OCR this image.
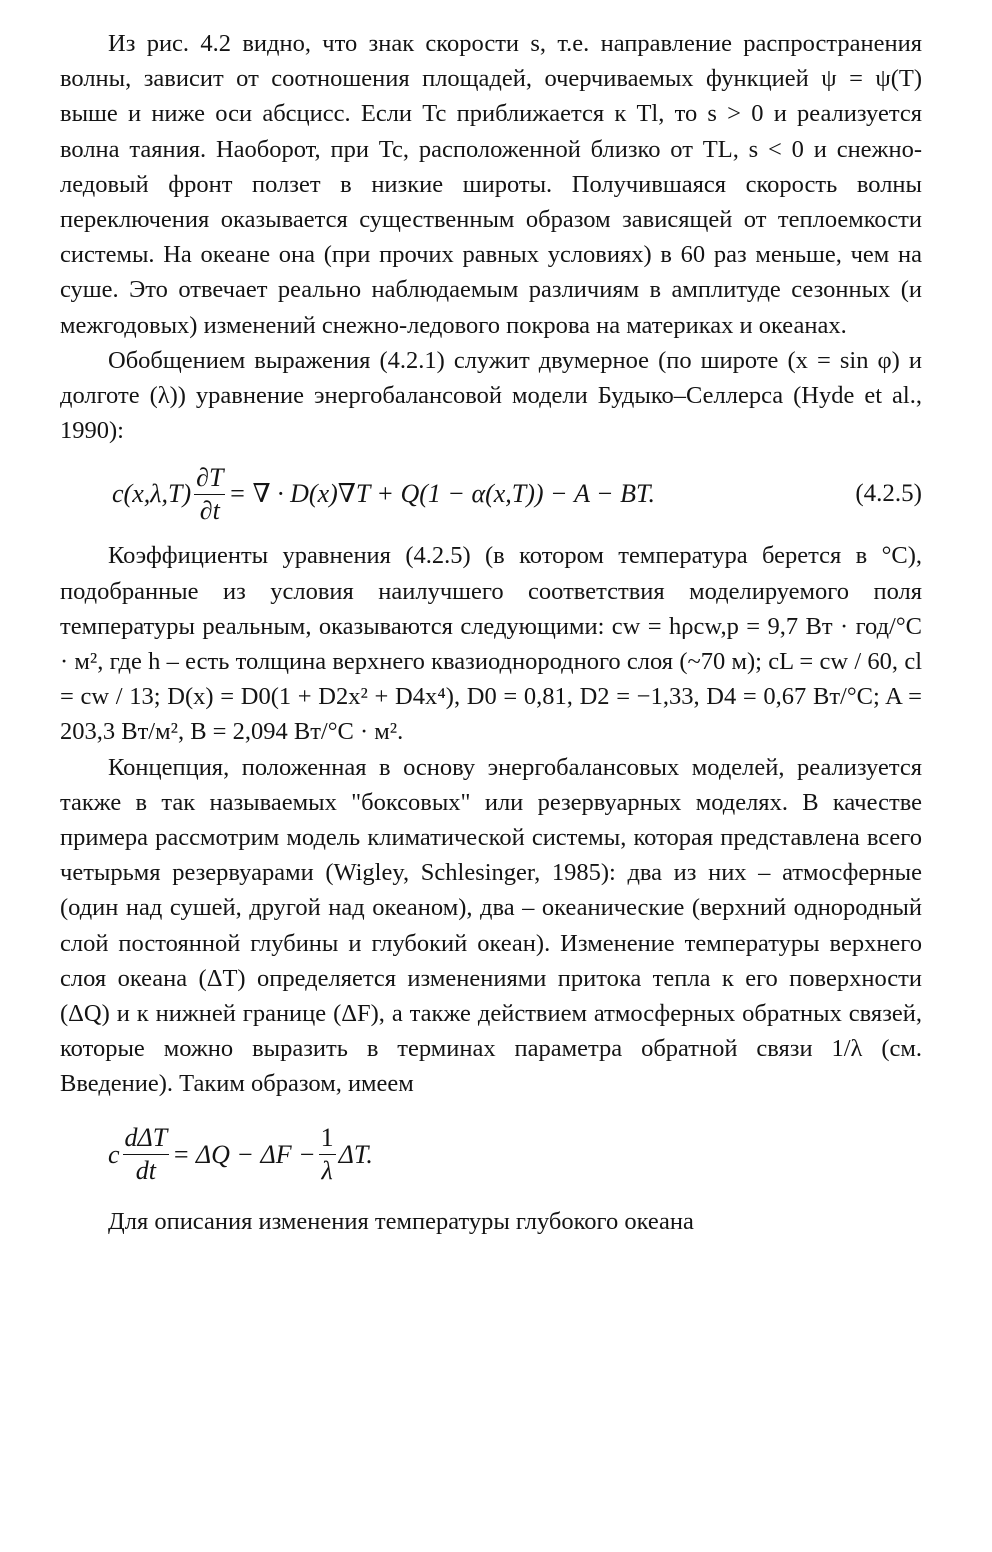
Из рис. 4.2 видно, что знак скорости s, т.е. направление распространения волны, зависит от соотношения площадей, очерчиваемых функцией ψ = ψ(T) выше и ниже оси абсцисс. Если Tc приближается к Tl, то s > 0 и реализуется волна таяния. Наоборот, при Tc, расположенной близко от TL, s < 0 и снежно-ледовый фронт ползет в низкие широты. Получившаяся скорость волны переключения оказывается существенным образом зависящей от теплоемкости системы. На океане она (при прочих равных условиях) в 60 раз меньше, чем на суше. Это отвечает реально наблюдаемым различиям в амплитуде сезонных (и межгодовых) изменений снежно-ледового покрова на материках и океанах.

Обобщением выражения (4.2.1) служит двумерное (по широте (x = sin φ) и долготе (λ)) уравнение энергобалансовой модели Будыко–Селлерса (Hyde et al., 1990):

$c(x,\lambda,T) \frac{\partial T}{\partial t}$ = ∇ · D(x)∇T + Q(1 − α(x,T)) − A − BT.	(4.2.5)

Коэффициенты уравнения (4.2.5) (в котором температура берется в °C), подобранные из условия наилучшего соответствия моделируемого поля температуры реальным, оказываются следующими: cw = hρcw,p = 9,7 Вт · год/°C · м², где h – есть толщина верхнего квазиоднородного слоя (~70 м); cL = cw / 60, cl = cw / 13; D(x) = D0(1 + D2x² + D4x⁴), D0 = 0,81, D2 = −1,33, D4 = 0,67 Вт/°C; A = 203,3 Вт/м², B = 2,094 Вт/°C · м².

Концепция, положенная в основу энергобалансовых моделей, реализуется также в так называемых "боксовых" или резервуарных моделях. В качестве примера рассмотрим модель климатической системы, которая представлена всего четырьмя резервуарами (Wigley, Schlesinger, 1985): два из них – атмосферные (один над сушей, другой над океаном), два – океанические (верхний однородный слой постоянной глубины и глубокий океан). Изменение температуры верхнего слоя океана (ΔT) определяется изменениями притока тепла к его поверхности (ΔQ) и к нижней границе (ΔF), а также действием атмосферных обратных связей, которые можно выразить в терминах параметра обратной связи 1/λ (см. Введение). Таким образом, имеем

c $\frac{\text{dΔT}}{dt} = \Delta Q - \Delta F - \frac{1}{\lambda} \Delta T$.

Для описания изменения температуры глубокого океана
